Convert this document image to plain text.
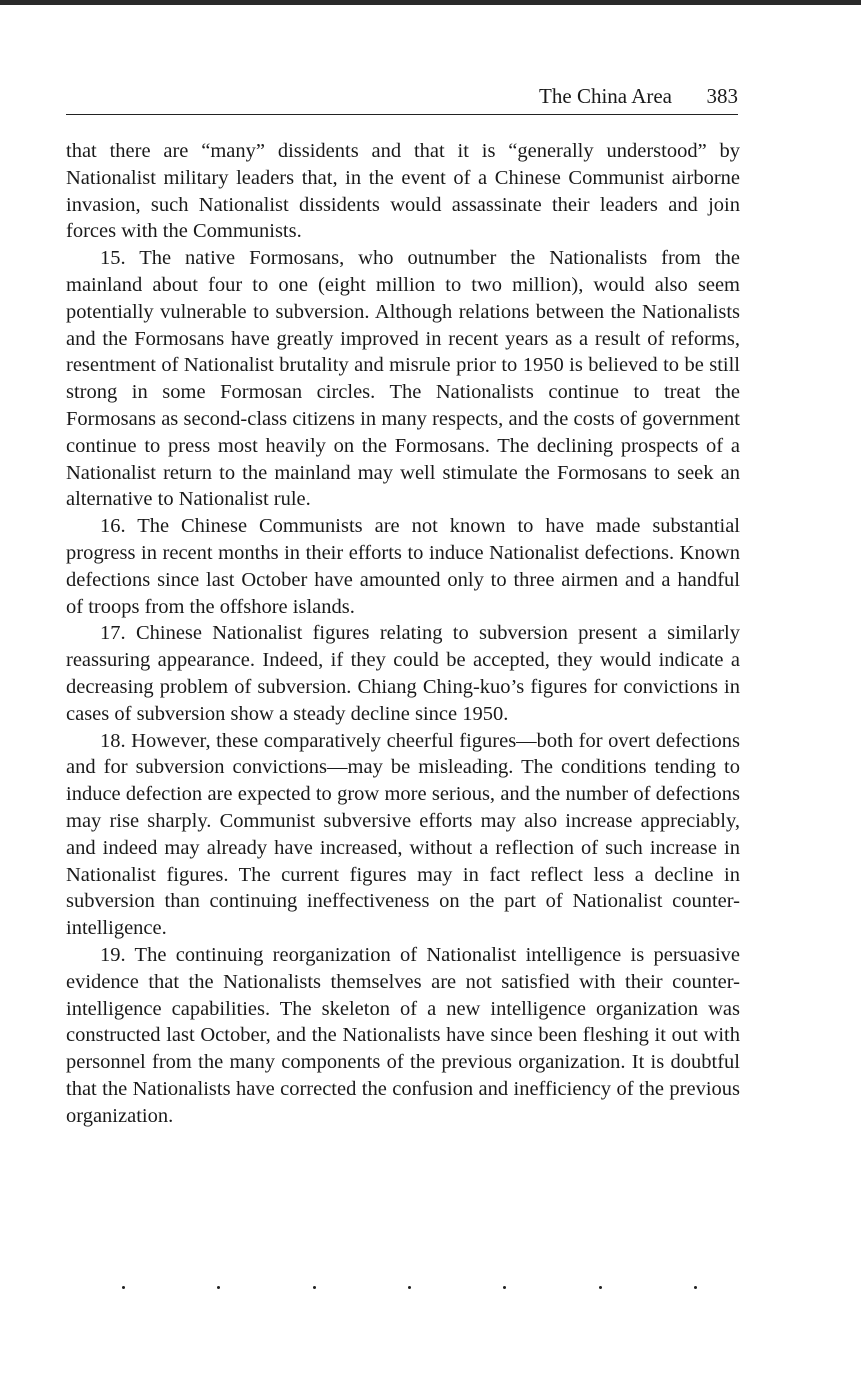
The China Area 383

that there are “many” dissidents and that it is “generally understood” by Nationalist military leaders that, in the event of a Chinese Communist airborne invasion, such Nationalist dissidents would assassinate their leaders and join forces with the Communists.

15. The native Formosans, who outnumber the Nationalists from the mainland about four to one (eight million to two million), would also seem potentially vulnerable to subversion. Although relations between the Nationalists and the Formosans have greatly improved in recent years as a result of reforms, resentment of Nationalist brutality and misrule prior to 1950 is believed to be still strong in some Formosan circles. The Nationalists continue to treat the Formosans as second-class citizens in many respects, and the costs of government continue to press most heavily on the Formosans. The declining prospects of a Nationalist return to the mainland may well stimulate the Formosans to seek an alternative to Nationalist rule.

16. The Chinese Communists are not known to have made substantial progress in recent months in their efforts to induce Nationalist defections. Known defections since last October have amounted only to three airmen and a handful of troops from the offshore islands.

17. Chinese Nationalist figures relating to subversion present a similarly reassuring appearance. Indeed, if they could be accepted, they would indicate a decreasing problem of subversion. Chiang Ching-kuo’s figures for convictions in cases of subversion show a steady decline since 1950.

18. However, these comparatively cheerful figures—both for overt defections and for subversion convictions—may be misleading. The conditions tending to induce defection are expected to grow more serious, and the number of defections may rise sharply. Communist subversive efforts may also increase appreciably, and indeed may already have increased, without a reflection of such increase in Nationalist figures. The current figures may in fact reflect less a decline in subversion than continuing ineffectiveness on the part of Nationalist counter-intelligence.

19. The continuing reorganization of Nationalist intelligence is persuasive evidence that the Nationalists themselves are not satisfied with their counter-intelligence capabilities. The skeleton of a new intelligence organization was constructed last October, and the Nationalists have since been fleshing it out with personnel from the many components of the previous organization. It is doubtful that the Nationalists have corrected the confusion and inefficiency of the previous organization.
